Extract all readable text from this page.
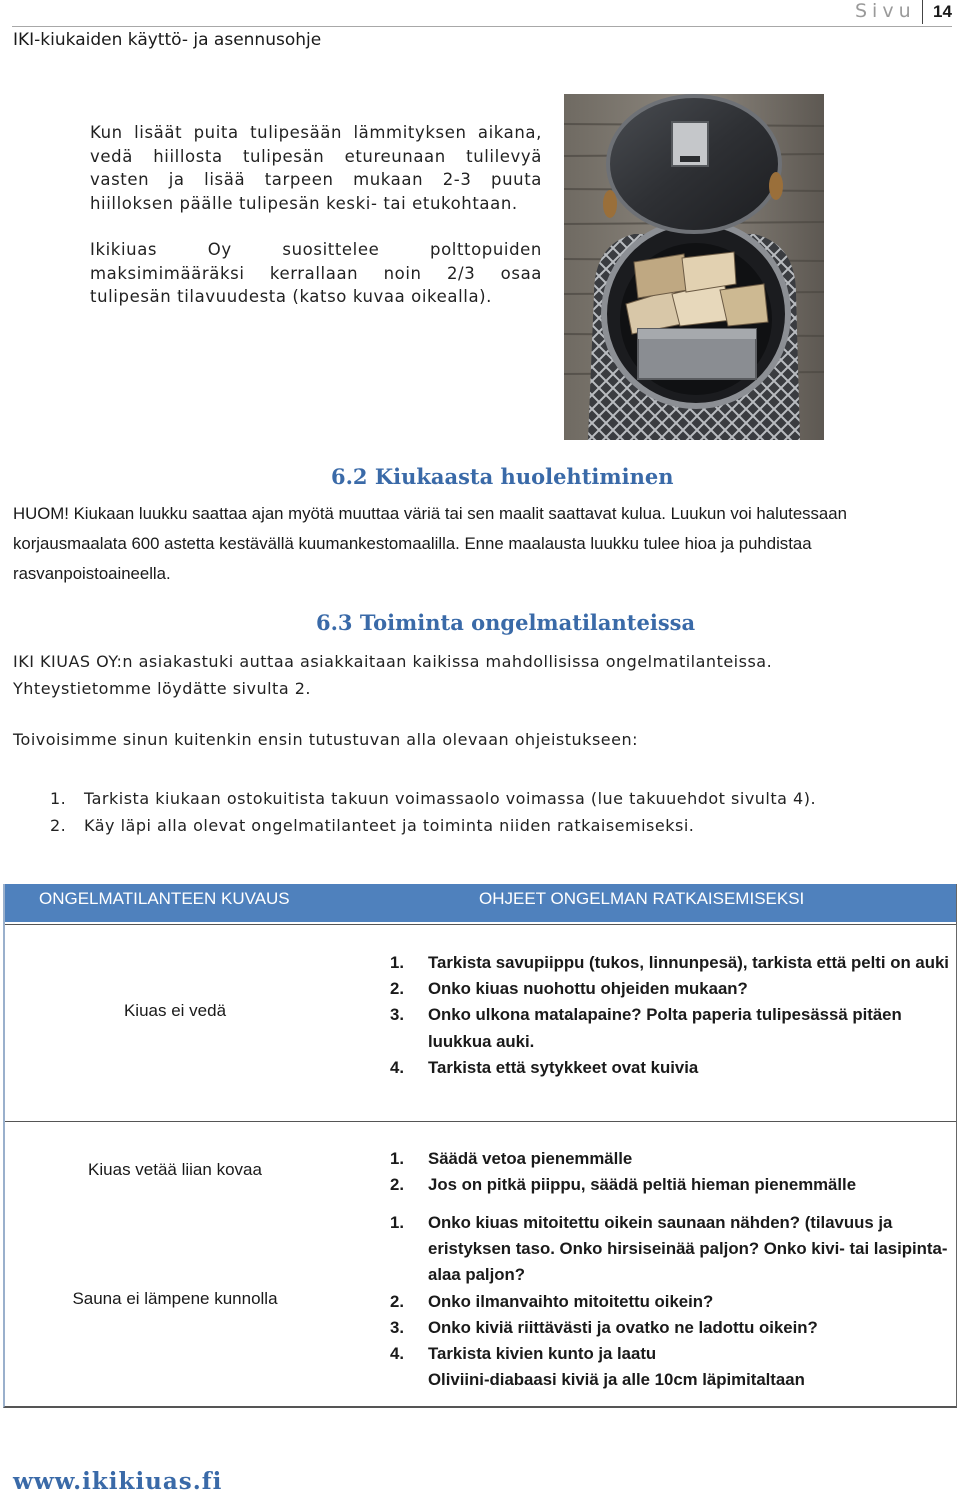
Sivu	14
IKI-kiukaiden käyttö- ja asennusohje

Kun lisäät puita tulipesään lämmityksen aikana, vedä hiillosta tulipesän etureunaan tulilevyä vasten ja lisää tarpeen mukaan 2-3 puuta hiilloksen päälle tulipesän keski- tai etukohtaan.

Ikikiuas Oy suosittelee polttopuiden maksimimääräksi kerrallaan noin 2/3 osaa tulipesän tilavuudesta (katso kuvaa oikealla).

6.2 Kiukaasta huolehtiminen
HUOM! Kiukaan luukku saattaa ajan myötä muuttaa väriä tai sen maalit saattavat kulua. Luukun voi halutessaan korjausmaalata 600 astetta kestävällä kuumankestomaalilla. Enne maalausta luukku tulee hioa ja puhdistaa rasvanpoistoaineella.
6.3 Toiminta ongelmatilanteissa
IKI KIUAS OY:n asiakastuki auttaa asiakkaitaan kaikissa mahdollisissa ongelmatilanteissa.
Yhteystietomme löydätte sivulta 2.
Toivoisimme sinun kuitenkin ensin tutustuvan alla olevaan ohjeistukseen:
1. Tarkista kiukaan ostokuitista takuun voimassaolo voimassa (lue takuuehdot sivulta 4).
2. Käy läpi alla olevat ongelmatilanteet ja toiminta niiden ratkaisemiseksi.
ONGELMATILANTEEN KUVAUS	OHJEET ONGELMAN RATKAISEMISEKSI
Kiuas ei vedä
1. Tarkista savupiippu (tukos, linnunpesä), tarkista että pelti on auki
2. Onko kiuas nuohottu ohjeiden mukaan?
3. Onko ulkona matalapaine? Polta paperia tulipesässä pitäen luukkua auki.
4. Tarkista että sytykkeet ovat kuivia
Kiuas vetää liian kovaa
1. Säädä vetoa pienemmälle
2. Jos on pitkä piippu, säädä peltiä hieman pienemmälle
Sauna ei lämpene kunnolla
1. Onko kiuas mitoitettu oikein saunaan nähden? (tilavuus ja eristyksen taso. Onko hirsiseinää paljon? Onko kivi- tai lasipinta-alaa paljon?
2. Onko ilmanvaihto mitoitettu oikein?
3. Onko kiviä riittävästi ja ovatko ne ladottu oikein?
4. Tarkista kivien kunto ja laatu
Oliviini-diabaasi kiviä ja alle 10cm läpimitaltaan
www.ikikiuas.fi
